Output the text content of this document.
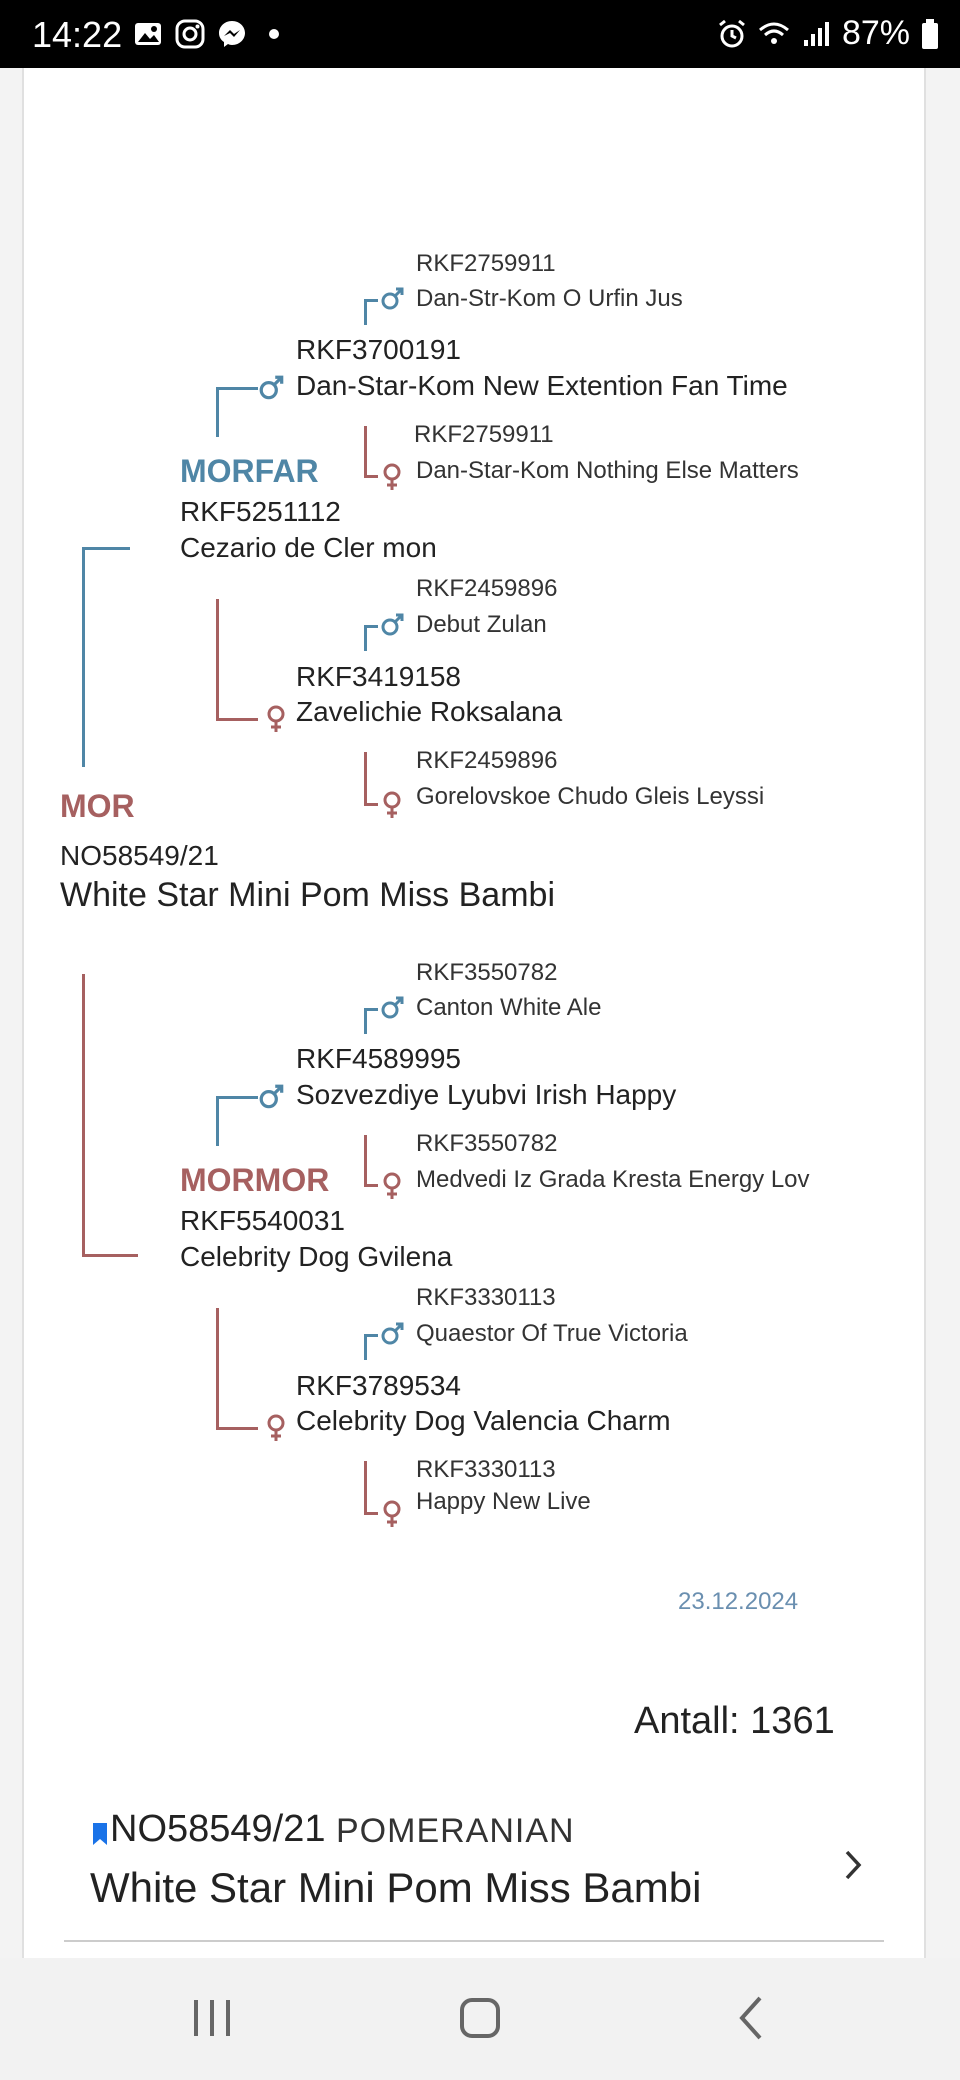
14:22	87%
RKF2759911
Dan-Str-Kom O Urfin Jus
RKF3700191
Dan-Star-Kom New Extention Fan Time
RKF2759911
Dan-Star-Kom Nothing Else Matters
MORFAR
RKF5251112
Cezario de Cler mon
RKF2459896
Debut Zulan
RKF3419158
Zavelichie Roksalana
RKF2459896
Gorelovskoe Chudo Gleis Leyssi
MOR
NO58549/21
White Star Mini Pom Miss Bambi
RKF3550782
Canton White Ale
RKF4589995
Sozvezdiye Lyubvi Irish Happy
RKF3550782
Medvedi Iz Grada Kresta Energy Lov
MORMOR
RKF5540031
Celebrity Dog Gvilena
RKF3330113
Quaestor Of True Victoria
RKF3789534
Celebrity Dog Valencia Charm
RKF3330113
Happy New Live
23.12.2024
Antall: 1361
NO58549/21 POMERANIAN
White Star Mini Pom Miss Bambi
